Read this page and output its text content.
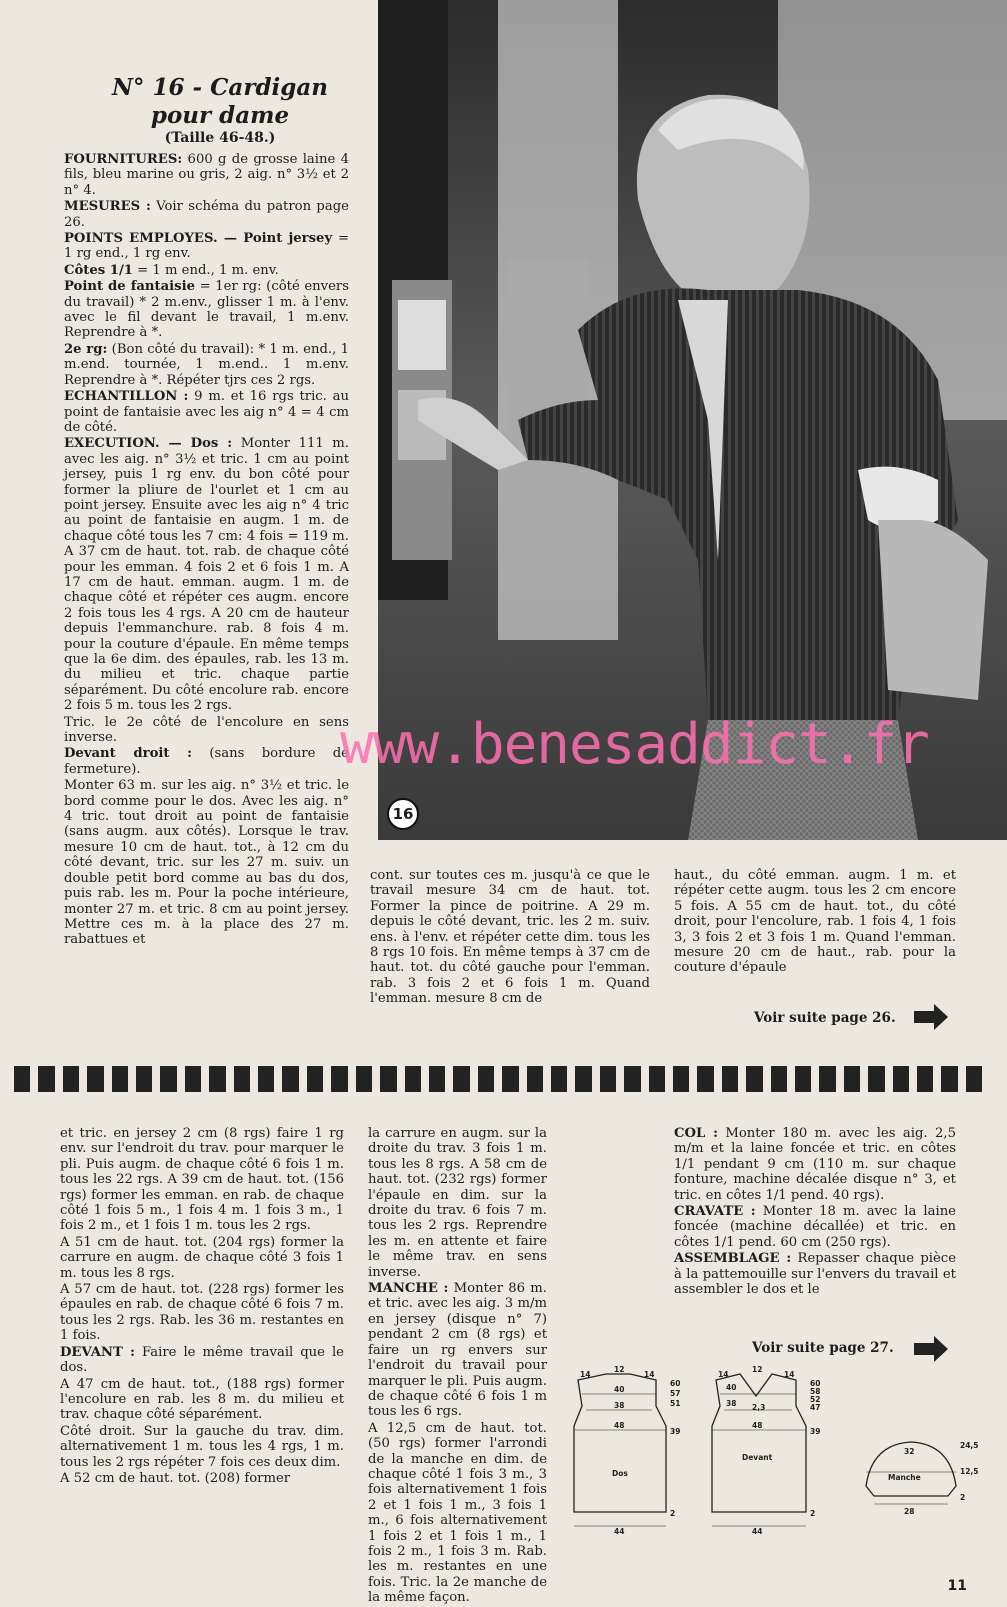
N° 16 - Cardigan
pour dame
(Taille 46-48.)

FOURNITURES: 600 g de grosse laine 4 fils, bleu marine ou gris, 2 aig. n° 3½ et 2 n° 4.

MESURES : Voir schéma du patron page 26.

POINTS EMPLOYES. — Point jersey = 1 rg end., 1 rg env.

Côtes 1/1 = 1 m end., 1 m. env.

Point de fantaisie = 1er rg: (côté envers du travail) * 2 m.env., glisser 1 m. à l'env. avec le fil devant le travail, 1 m.env. Reprendre à *.

2e rg: (Bon côté du travail): * 1 m. end., 1 m.end. tournée, 1 m.end.. 1 m.env. Reprendre à *. Répéter tjrs ces 2 rgs.

ECHANTILLON : 9 m. et 16 rgs tric. au point de fantaisie avec les aig n° 4 = 4 cm de côté.

EXECUTION. — Dos : Monter 111 m. avec les aig. n° 3½ et tric. 1 cm au point jersey, puis 1 rg env. du bon côté pour former la pliure de l'ourlet et 1 cm au point jersey. Ensuite avec les aig n° 4 tric au point de fantaisie en augm. 1 m. de chaque côté tous les 7 cm: 4 fois = 119 m. A 37 cm de haut. tot. rab. de chaque côté pour les emman. 4 fois 2 et 6 fois 1 m. A 17 cm de haut. emman. augm. 1 m. de chaque côté et répéter ces augm. encore 2 fois tous les 4 rgs. A 20 cm de hauteur depuis l'emmanchure. rab. 8 fois 4 m. pour la couture d'épaule. En même temps que la 6e dim. des épaules, rab. les 13 m. du milieu et tric. chaque partie séparément. Du côté encolure rab. encore 2 fois 5 m. tous les 2 rgs.

Tric. le 2e côté de l'encolure en sens inverse.

Devant droit : (sans bordure de fermeture).

Monter 63 m. sur les aig. n° 3½ et tric. le bord comme pour le dos. Avec les aig. n° 4 tric. tout droit au point de fantaisie (sans augm. aux côtés). Lorsque le trav. mesure 10 cm de haut. tot., à 12 cm du côté devant, tric. sur les 27 m. suiv. un double petit bord comme au bas du dos, puis rab. les m. Pour la poche intérieure, monter 27 m. et tric. 8 cm au point jersey. Mettre ces m. à la place des 27 m. rabattues et

16
www.benesaddict.fr
cont. sur toutes ces m. jusqu'à ce que le travail mesure 34 cm de haut. tot. Former la pince de poitrine. A 29 m. depuis le côté devant, tric. les 2 m. suiv. ens. à l'env. et répéter cette dim. tous les 8 rgs 10 fois. En même temps à 37 cm de haut. tot. du côté gauche pour l'emman. rab. 3 fois 2 et 6 fois 1 m. Quand l'emman. mesure 8 cm de
haut., du côté emman. augm. 1 m. et répéter cette augm. tous les 2 cm encore 5 fois. A 55 cm de haut. tot., du côté droit, pour l'encolure, rab. 1 fois 4, 1 fois 3, 3 fois 2 et 3 fois 1 m. Quand l'emman. mesure 20 cm de haut., rab. pour la couture d'épaule
Voir suite page 26.

et tric. en jersey 2 cm (8 rgs) faire 1 rg env. sur l'endroit du trav. pour marquer le pli. Puis augm. de chaque côté 6 fois 1 m. tous les 22 rgs. A 39 cm de haut. tot. (156 rgs) former les emman. en rab. de chaque côté 1 fois 5 m., 1 fois 4 m. 1 fois 3 m., 1 fois 2 m., et 1 fois 1 m. tous les 2 rgs.

A 51 cm de haut. tot. (204 rgs) former la carrure en augm. de chaque côté 3 fois 1 m. tous les 8 rgs.

A 57 cm de haut. tot. (228 rgs) former les épaules en rab. de chaque côté 6 fois 7 m. tous les 2 rgs. Rab. les 36 m. restantes en 1 fois.

DEVANT : Faire le même travail que le dos.

A 47 cm de haut. tot., (188 rgs) former l'encolure en rab. les 8 m. du milieu et trav. chaque côté séparément.

Côté droit. Sur la gauche du trav. dim. alternativement 1 m. tous les 4 rgs, 1 m. tous les 2 rgs répéter 7 fois ces deux dim.

A 52 cm de haut. tot. (208) former

la carrure en augm. sur la droite du trav. 3 fois 1 m. tous les 8 rgs. A 58 cm de haut. tot. (232 rgs) former l'épaule en dim. sur la droite du trav. 6 fois 7 m. tous les 2 rgs. Reprendre les m. en attente et faire le même trav. en sens inverse.

MANCHE : Monter 86 m. et tric. avec les aig. 3 m/m en jersey (disque n° 7) pendant 2 cm (8 rgs) et faire un rg envers sur l'endroit du travail pour marquer le pli. Puis augm. de chaque côté 6 fois 1 m tous les 6 rgs.

A 12,5 cm de haut. tot. (50 rgs) former l'arrondi de la manche en dim. de chaque côté 1 fois 3 m., 3 fois alternativement 1 fois 2 et 1 fois 1 m., 3 fois 1 m., 6 fois alternativement 1 fois 2 et 1 fois 1 m., 1 fois 2 m., 1 fois 3 m. Rab. les m. restantes en une fois. Tric. la 2e manche de la même façon.

COL : Monter 180 m. avec les aig. 2,5 m/m et la laine foncée et tric. en côtes 1/1 pendant 9 cm (110 m. sur chaque fonture, machine décalée disque n° 3, et tric. en côtes 1/1 pend. 40 rgs).

CRAVATE : Monter 18 m. avec la laine foncée (machine décallée) et tric. en côtes 1/1 pend. 60 cm (250 rgs).

ASSEMBLAGE : Repasser chaque pièce à la pattemouille sur l'envers du travail et assembler le dos et le

Voir suite page 27.
14
12
14
40
38
48
Dos
44
60
57
51
39
2
14
12
14
40
38 2,3
48
Devant
44
60
58
52
47
39
2
32
Manche
28
24,5
12,5
2
11
